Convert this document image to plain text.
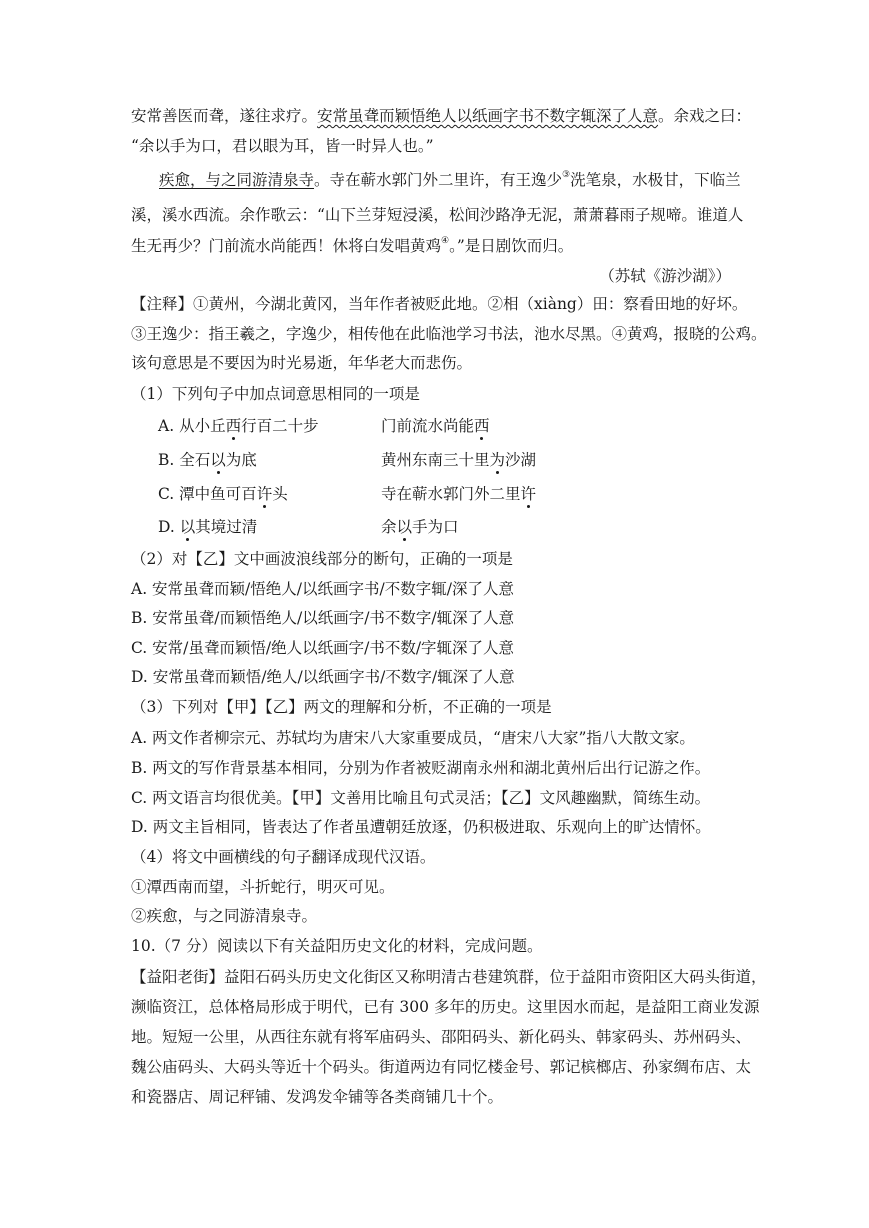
安常善医而聋，遂往求疗。安常虽聋而颖悟绝人以纸画字书不数字辄深了人意。余戏之曰：
“余以手为口，君以眼为耳，皆一时异人也。”
疾愈，与之同游清泉寺。寺在蕲水郭门外二里许，有王逸少③洗笔泉，水极甘，下临兰
溪，溪水西流。余作歌云：“山下兰芽短浸溪，松间沙路净无泥，萧萧暮雨子规啼。谁道人
生无再少？门前流水尚能西！休将白发唱黄鸡④。”是日剧饮而归。
（苏轼《游沙湖》）
【注释】①黄州，今湖北黄冈，当年作者被贬此地。②相（xiàng）田：察看田地的好坏。
③王逸少：指王羲之，字逸少，相传他在此临池学习书法，池水尽黑。④黄鸡，报晓的公鸡。
该句意思是不要因为时光易逝，年华老大而悲伤。
（1）下列句子中加点词意思相同的一项是
A. 从小丘西行百二十步	门前流水尚能西
B. 全石以为底	黄州东南三十里为沙湖
C. 潭中鱼可百许头	寺在蕲水郭门外二里许
D. 以其境过清	余以手为口
（2）对【乙】文中画波浪线部分的断句，正确的一项是
A. 安常虽聋而颖/悟绝人/以纸画字书/不数字辄/深了人意
B. 安常虽聋/而颖悟绝人/以纸画字/书不数字/辄深了人意
C. 安常/虽聋而颖悟/绝人以纸画字/书不数/字辄深了人意
D. 安常虽聋而颖悟/绝人/以纸画字书/不数字/辄深了人意
（3）下列对【甲】【乙】两文的理解和分析，不正确的一项是
A. 两文作者柳宗元、苏轼均为唐宋八大家重要成员，“唐宋八大家”指八大散文家。
B. 两文的写作背景基本相同，分别为作者被贬湖南永州和湖北黄州后出行记游之作。
C. 两文语言均很优美。【甲】文善用比喻且句式灵活；【乙】文风趣幽默，简练生动。
D. 两文主旨相同，皆表达了作者虽遭朝廷放逐，仍积极进取、乐观向上的旷达情怀。
（4）将文中画横线的句子翻译成现代汉语。
①潭西南而望，斗折蛇行，明灭可见。
②疾愈，与之同游清泉寺。
10.（7 分）阅读以下有关益阳历史文化的材料，完成问题。
【益阳老街】益阳石码头历史文化街区又称明清古巷建筑群，位于益阳市资阳区大码头街道，
濒临资江，总体格局形成于明代，已有 300 多年的历史。这里因水而起，是益阳工商业发源
地。短短一公里，从西往东就有将军庙码头、邵阳码头、新化码头、韩家码头、苏州码头、
魏公庙码头、大码头等近十个码头。街道两边有同忆楼金号、郭记槟榔店、孙家绸布店、太
和瓷器店、周记秤铺、发鸿发伞铺等各类商铺几十个。
